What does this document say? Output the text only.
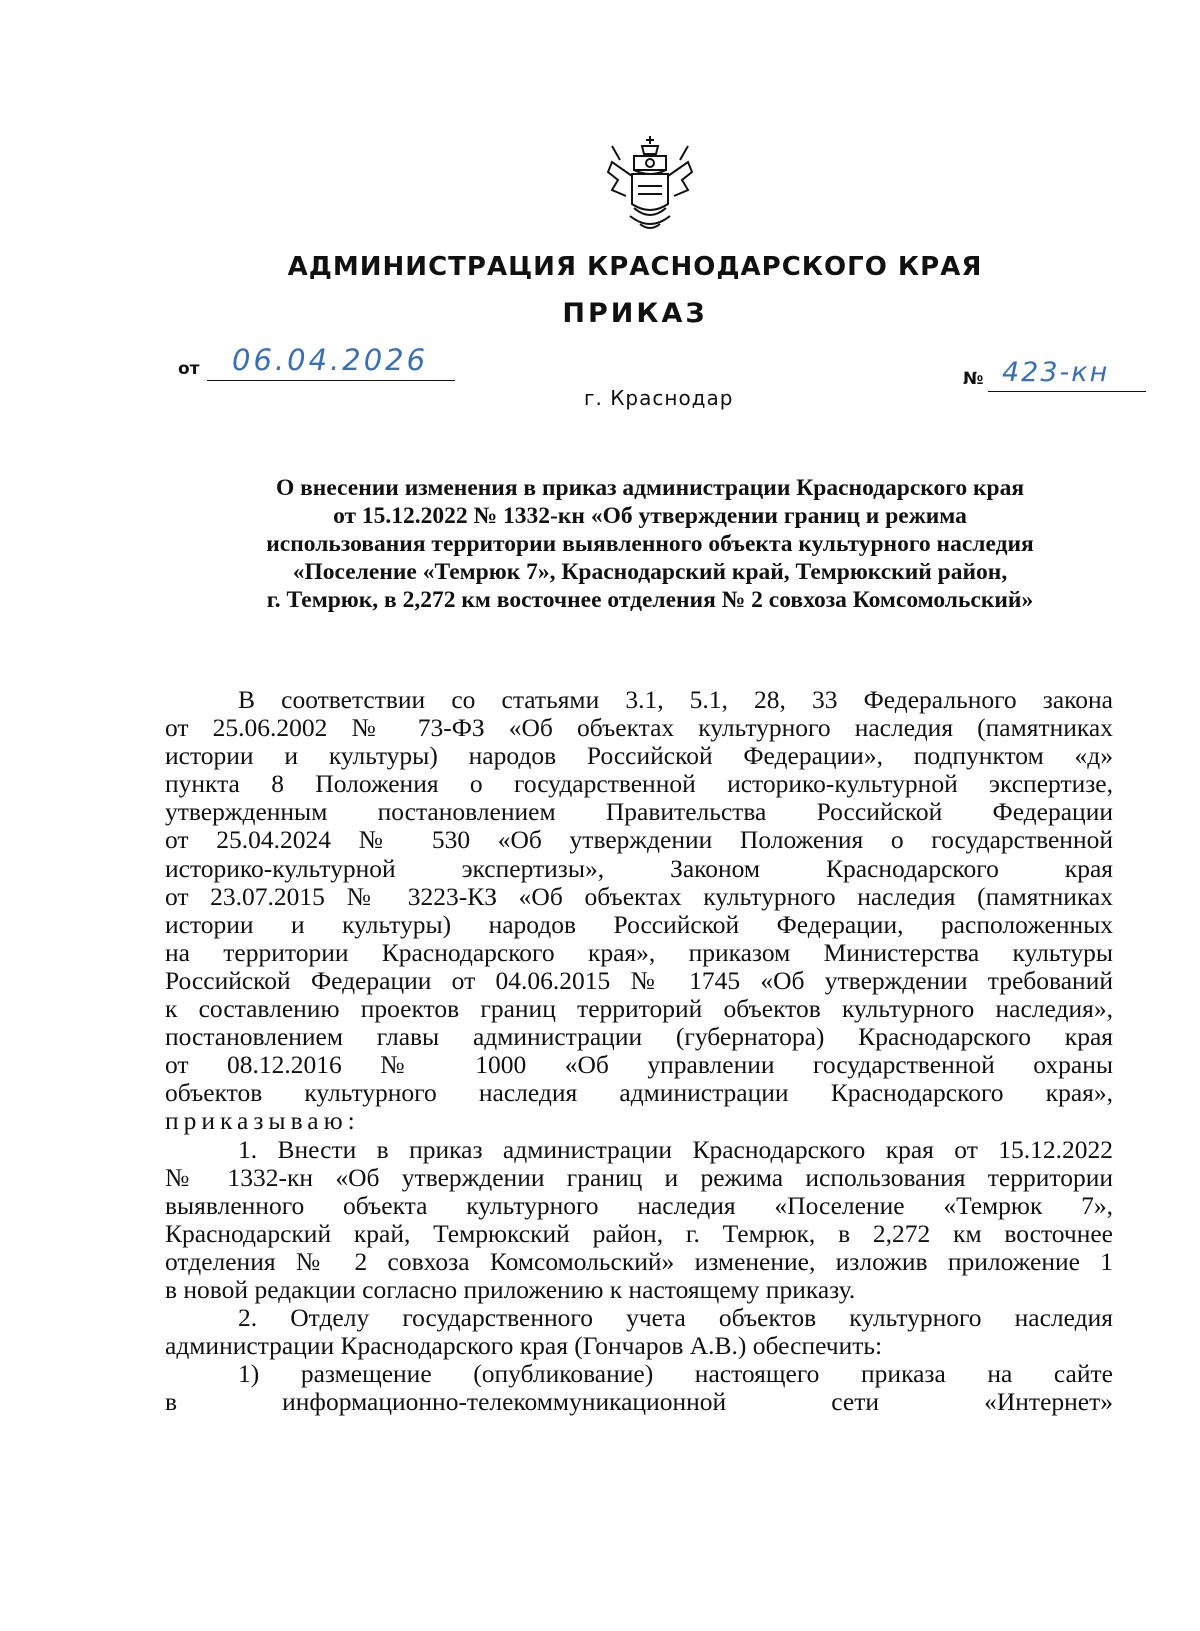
АДМИНИСТРАЦИЯ КРАСНОДАРСКОГО КРАЯ
ПРИКАЗ
от 06.04.2026
№ 423-кн
г. Краснодар
О внесении изменения в приказ администрации Краснодарского края
от 15.12.2022 № 1332-кн «Об утверждении границ и режима
использования территории выявленного объекта культурного наследия
«Поселение «Темрюк 7», Краснодарский край, Темрюкский район,
г. Темрюк, в 2,272 км восточнее отделения № 2 совхоза Комсомольский»
В соответствии со статьями 3.1, 5.1, 28, 33 Федерального закона
от 25.06.2002 № 73-ФЗ «Об объектах культурного наследия (памятниках
истории и культуры) народов Российской Федерации», подпунктом «д»
пункта 8 Положения о государственной историко-культурной экспертизе,
утвержденным постановлением Правительства Российской Федерации
от 25.04.2024 № 530 «Об утверждении Положения о государственной
историко-культурной экспертизы», Законом Краснодарского края
от 23.07.2015 № 3223-КЗ «Об объектах культурного наследия (памятниках
истории и культуры) народов Российской Федерации, расположенных
на территории Краснодарского края», приказом Министерства культуры
Российской Федерации от 04.06.2015 № 1745 «Об утверждении требований
к составлению проектов границ территорий объектов культурного наследия»,
постановлением главы администрации (губернатора) Краснодарского края
от 08.12.2016 № 1000 «Об управлении государственной охраны
объектов культурного наследия администрации Краснодарского края»,
приказываю:
1. Внести в приказ администрации Краснодарского края от 15.12.2022
№ 1332-кн «Об утверждении границ и режима использования территории
выявленного объекта культурного наследия «Поселение «Темрюк 7»,
Краснодарский край, Темрюкский район, г. Темрюк, в 2,272 км восточнее
отделения № 2 совхоза Комсомольский» изменение, изложив приложение 1
в новой редакции согласно приложению к настоящему приказу.
2. Отделу государственного учета объектов культурного наследия
администрации Краснодарского края (Гончаров А.В.) обеспечить:
1) размещение (опубликование) настоящего приказа на сайте
в информационно-телекоммуникационной сети «Интернет»
